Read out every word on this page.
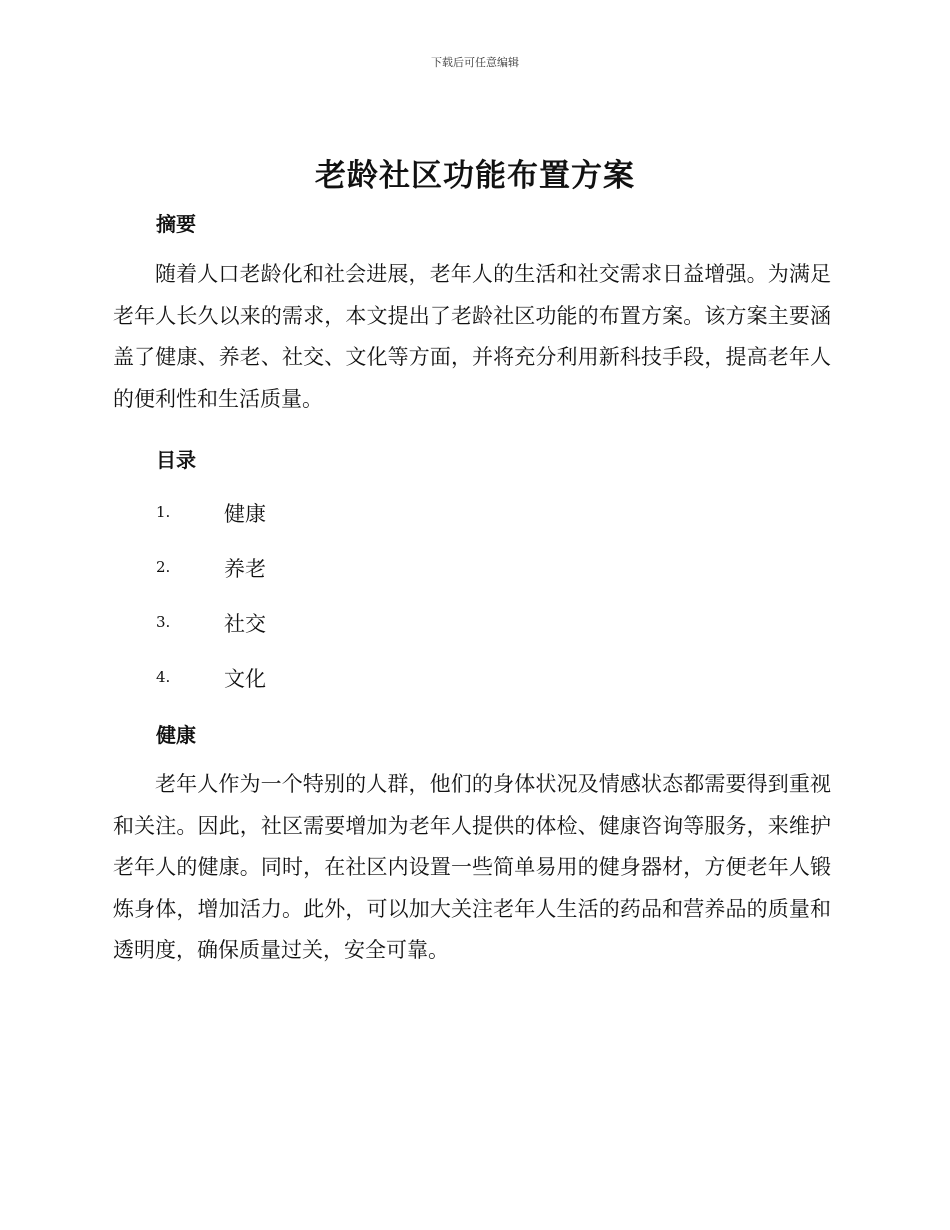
下载后可任意编辑
老龄社区功能布置方案
摘要
随着人口老龄化和社会进展，老年人的生活和社交需求日益增强。为满足老年人长久以来的需求，本文提出了老龄社区功能的布置方案。该方案主要涵盖了健康、养老、社交、文化等方面，并将充分利用新科技手段，提高老年人的便利性和生活质量。
目录
1.	健康
2.	养老
3.	社交
4.	文化
健康
老年人作为一个特别的人群，他们的身体状况及情感状态都需要得到重视和关注。因此，社区需要增加为老年人提供的体检、健康咨询等服务，来维护老年人的健康。同时，在社区内设置一些简单易用的健身器材，方便老年人锻炼身体，增加活力。此外，可以加大关注老年人生活的药品和营养品的质量和透明度，确保质量过关，安全可靠。
